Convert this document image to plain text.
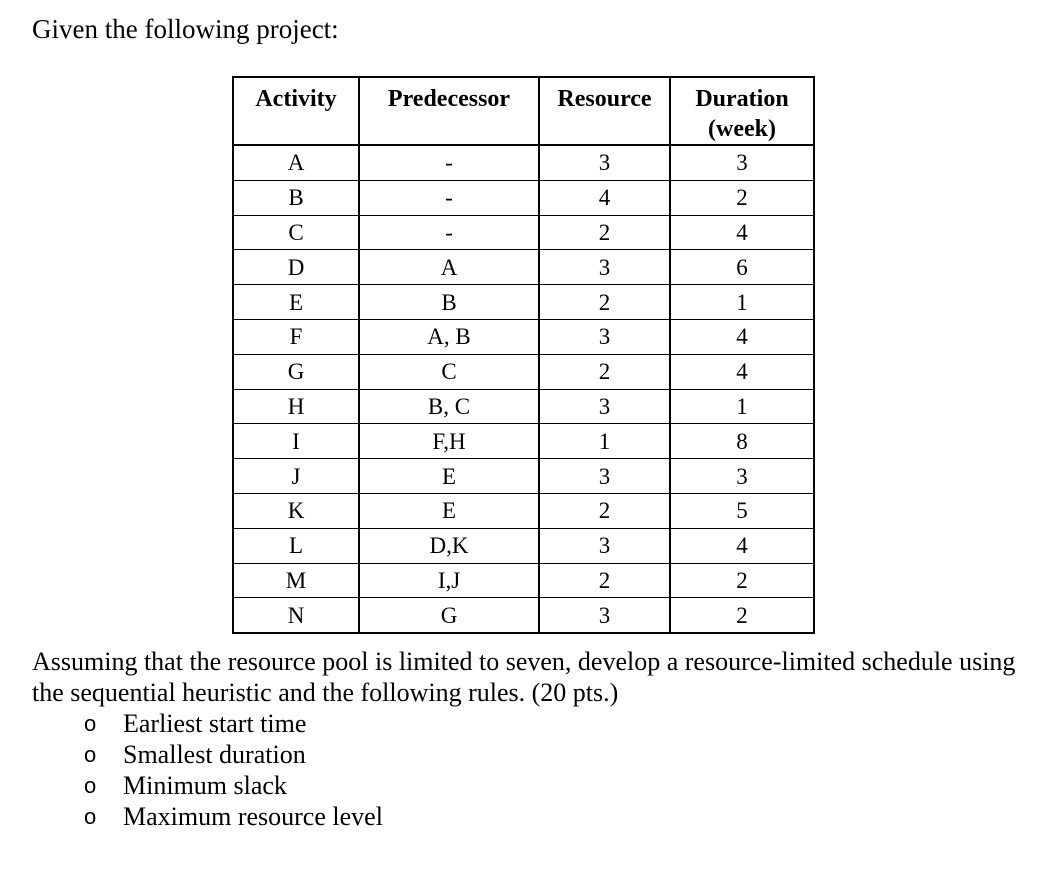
Given the following project:
Activity	Predecessor	Resource	Duration
(week)
A	-	3	3
B	-	4	2
C	-	2	4
D	A	3	6
E	B	2	1
F	A, B	3	4
G	C	2	4
H	B, C	3	1
I	F,H	1	8
J	E	3	3
K	E	2	5
L	D,K	3	4
M	I,J	2	2
N	G	3	2

Assuming that the resource pool is limited to seven, develop a resource-limited schedule using the sequential heuristic and the following rules. (20 pts.)

o Earliest start time
o Smallest duration
o Minimum slack
o Maximum resource level
